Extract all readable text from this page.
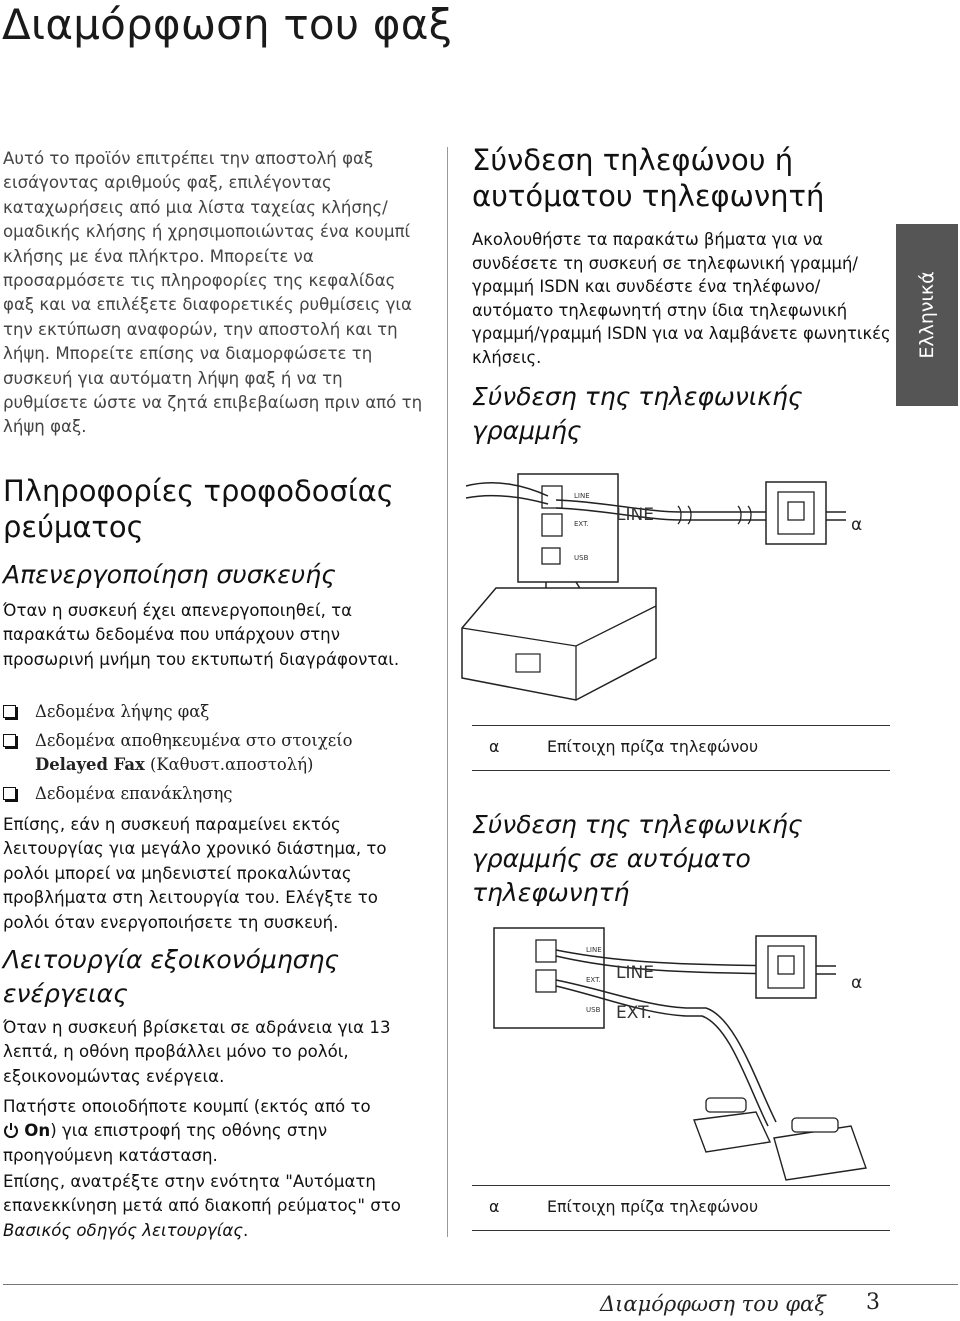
Διαμόρφωση του φαξ
Αυτό το προϊόν επιτρέπει την αποστολή φαξ εισάγοντας αριθμούς φαξ, επιλέγοντας καταχωρήσεις από μια λίστα ταχείας κλήσης/ομαδικής κλήσης ή χρησιμοποιώντας ένα κουμπί κλήσης με ένα πλήκτρο. Μπορείτε να προσαρμόσετε τις πληροφορίες της κεφαλίδας φαξ και να επιλέξετε διαφορετικές ρυθμίσεις για την εκτύπωση αναφορών, την αποστολή και τη λήψη. Μπορείτε επίσης να διαμορφώσετε τη συσκευή για αυτόματη λήψη φαξ ή να τη ρυθμίσετε ώστε να ζητά επιβεβαίωση πριν από τη λήψη φαξ.
Πληροφορίες τροφοδοσίας ρεύματος
Απενεργοποίηση συσκευής
Όταν η συσκευή έχει απενεργοποιηθεί, τα παρακάτω δεδομένα που υπάρχουν στην προσωρινή μνήμη του εκτυπωτή διαγράφονται.
Δεδομένα λήψης φαξ
Δεδομένα αποθηκευμένα στο στοιχείο
Delayed Fax (Καθυστ.αποστολή)
Δεδομένα επανάκλησης
Επίσης, εάν η συσκευή παραμείνει εκτός λειτουργίας για μεγάλο χρονικό διάστημα, το ρολόι μπορεί να μηδενιστεί προκαλώντας προβλήματα στη λειτουργία του. Ελέγξτε το ρολόι όταν ενεργοποιήσετε τη συσκευή.
Λειτουργία εξοικονόμησης ενέργειας
Όταν η συσκευή βρίσκεται σε αδράνεια για 13 λεπτά, η οθόνη προβάλλει μόνο το ρολόι, εξοικονομώντας ενέργεια.
Πατήστε οποιοδήποτε κουμπί (εκτός από το
On) για επιστροφή της οθόνης στην προηγούμενη κατάσταση.
Επίσης, ανατρέξτε στην ενότητα "Αυτόματη επανεκκίνηση μετά από διακοπή ρεύματος" στο Βασικός οδηγός λειτουργίας.
Σύνδεση τηλεφώνου ή αυτόματου τηλεφωνητή
Ακολουθήστε τα παρακάτω βήματα για να συνδέσετε τη συσκευή σε τηλεφωνική γραμμή/γραμμή ISDN και συνδέστε ένα τηλέφωνο/αυτόματο τηλεφωνητή στην ίδια τηλεφωνική γραμμή/γραμμή ISDN για να λαμβάνετε φωνητικές κλήσεις.
Σύνδεση της τηλεφωνικής γραμμής
LINE
EXT.
USB
LINE	α
α	Επίτοιχη πρίζα τηλεφώνου
Σύνδεση της τηλεφωνικής γραμμής σε αυτόματο τηλεφωνητή
LINE
EXT.
USB
LINE
EXT.
α
α	Επίτοιχη πρίζα τηλεφώνου
Ελληνικά
Διαμόρφωση του φαξ 3
